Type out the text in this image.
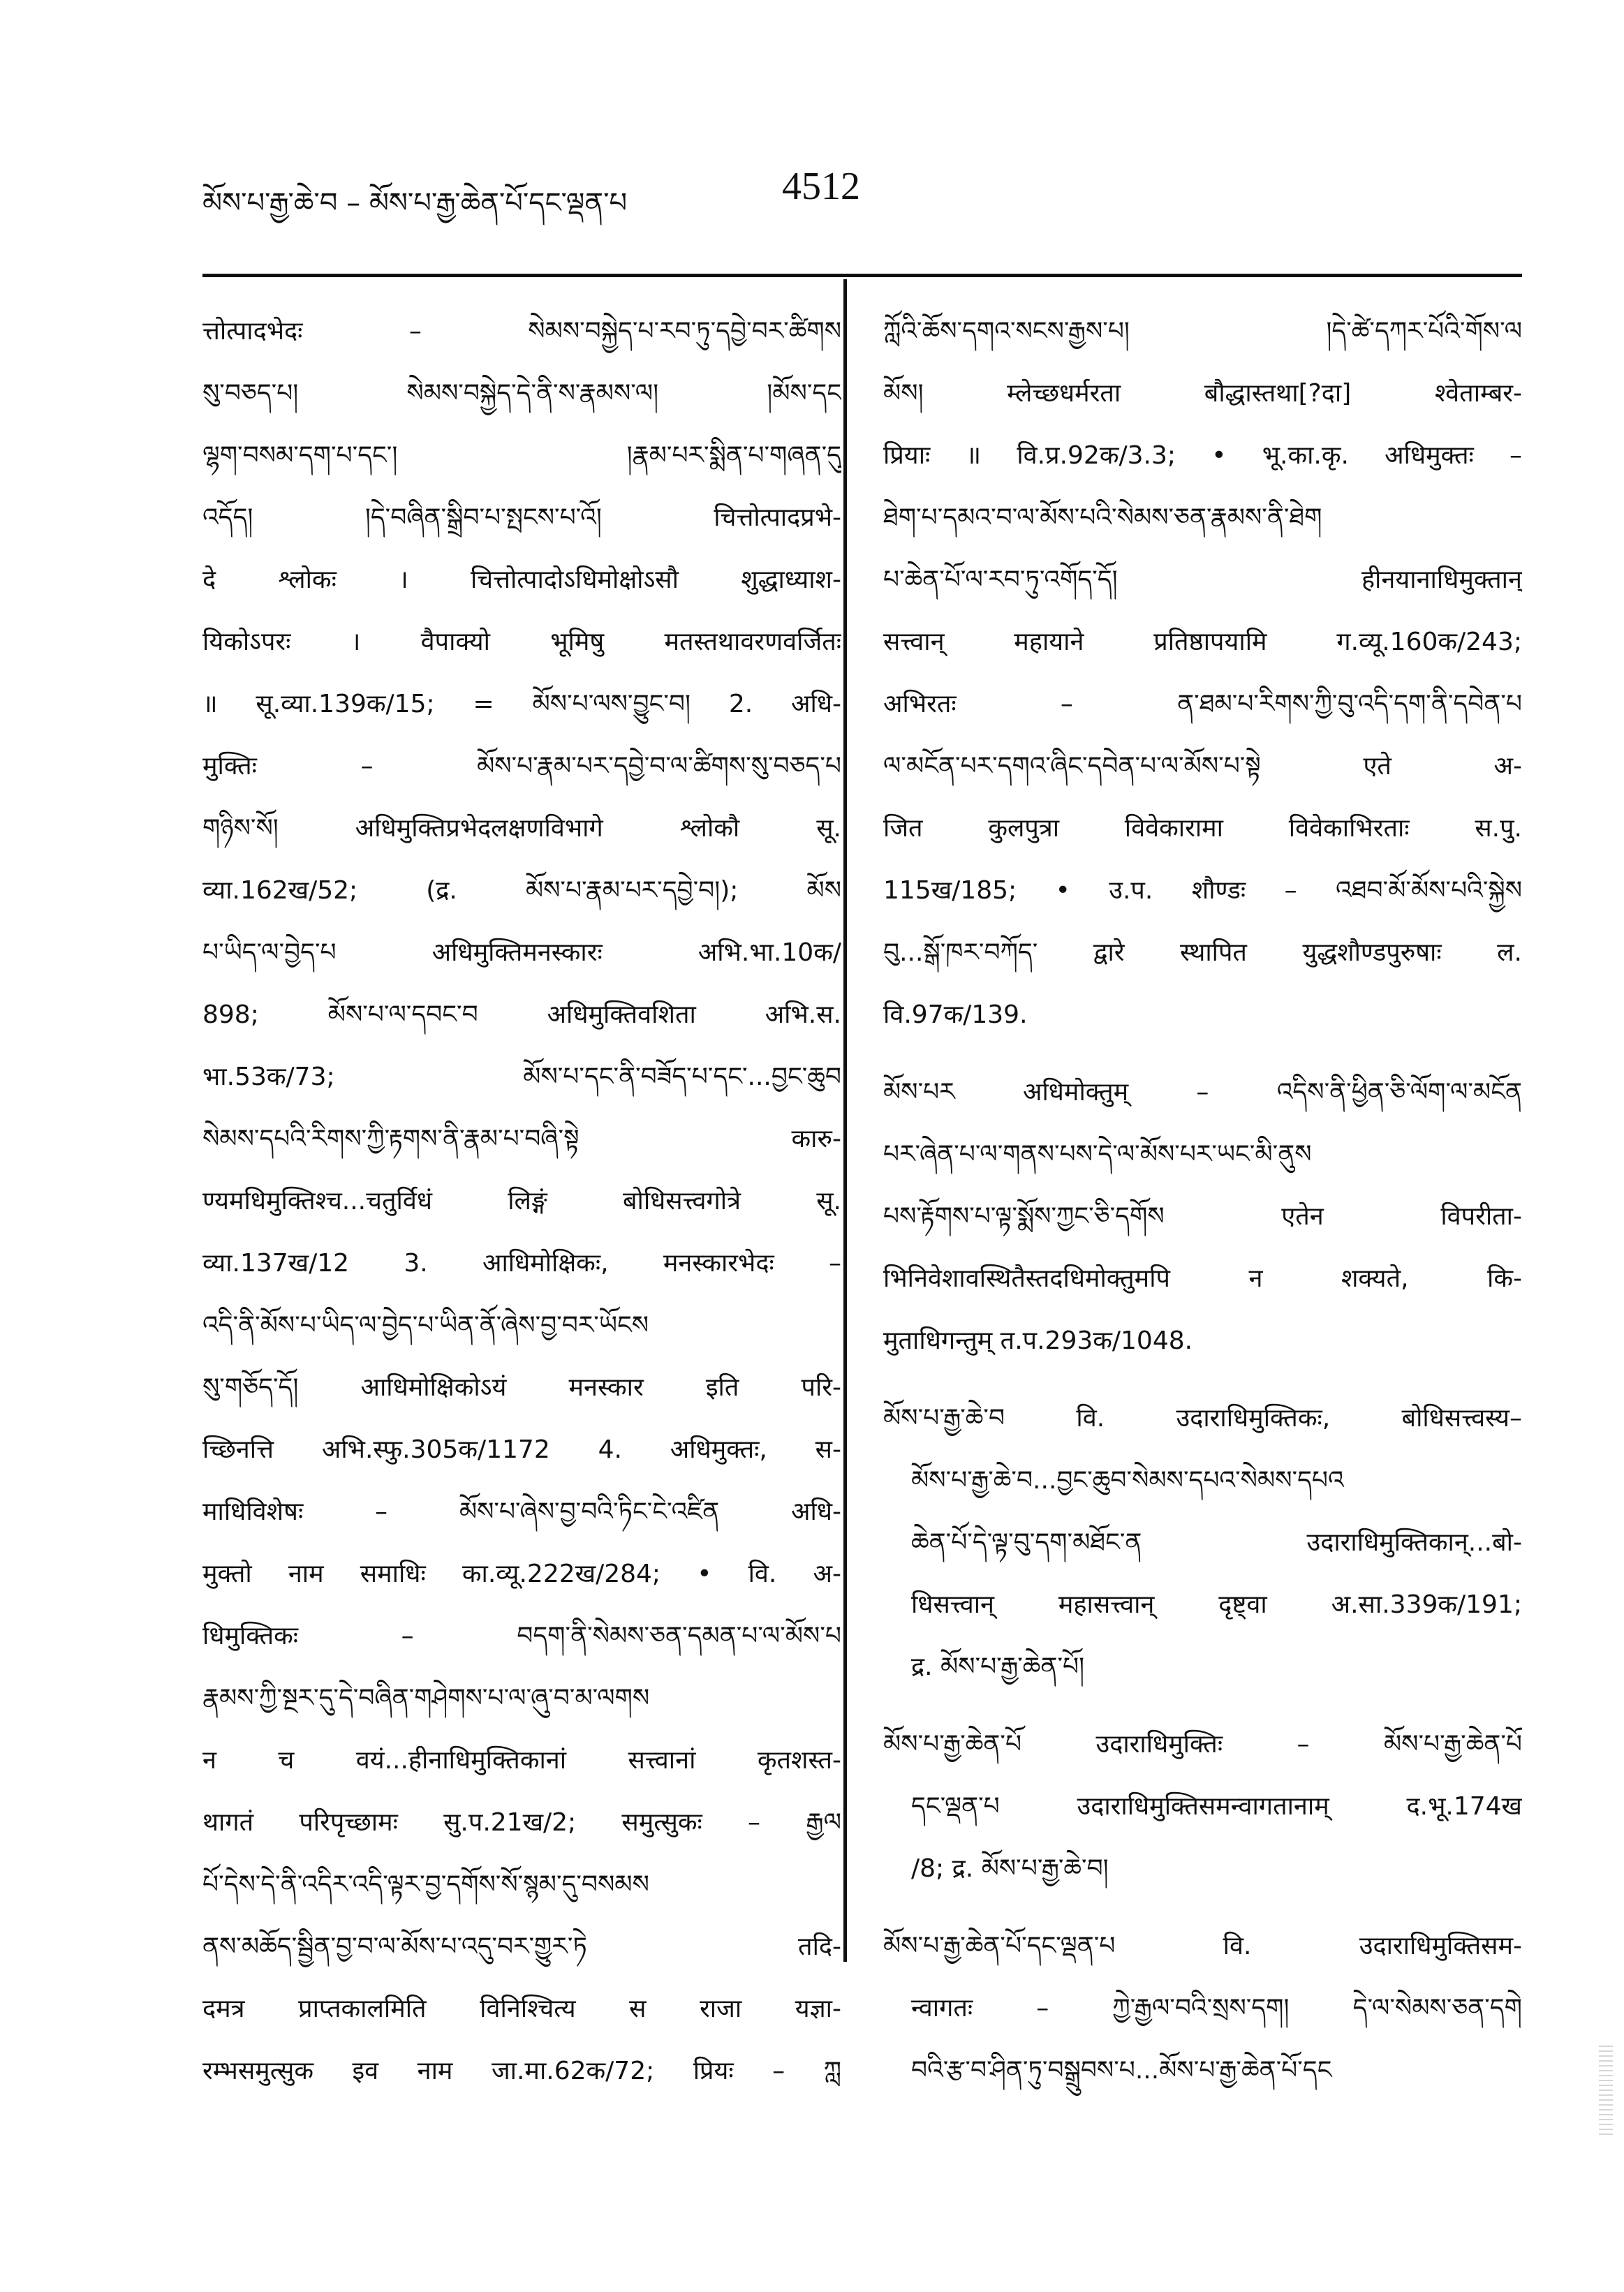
མོས་པ་རྒྱ་ཆེ་བ – མོས་པ་རྒྱ་ཆེན་པོ་དང་ལྡན་པ	4512
त्तोत्पादभेदः – སེམས་བསྐྱེད་པ་རབ་ཏུ་དབྱེ་བར་ཚིགས
སུ་བཅད་པ། སེམས་བསྐྱེད་དེ་ནི་ས་རྣམས་ལ། །མོས་དང
ལྷག་བསམ་དག་པ་དང་། །རྣམ་པར་སྨིན་པ་གཞན་དུ
འདོད། །དེ་བཞིན་སྒྲིབ་པ་སྤངས་པ་འོ། चित्तोत्पादप्रभे-
दे श्लोकः । चित्तोत्पादोऽधिमोक्षोऽसौ शुद्धाध्याश-
यिकोऽपरः । वैपाक्यो भूमिषु मतस्तथावरणवर्जितः
॥ सू.व्या.139क/15; = མོས་པ་ལས་བྱུང་བ། 2. अधि-
मुक्तिः – མོས་པ་རྣམ་པར་དབྱེ་བ་ལ་ཚིགས་སུ་བཅད་པ
གཉིས་སོ། अधिमुक्तिप्रभेदलक्षणविभागे श्लोकौ सू.
व्या.162ख/52; (द्र. མོས་པ་རྣམ་པར་དབྱེ་བ།); མོས
པ་ཡིད་ལ་བྱེད་པ अधिमुक्तिमनस्कारः अभि.भा.10क/
898; མོས་པ་ལ་དབང་བ अधिमुक्तिवशिता अभि.स.
भा.53क/73; མོས་པ་དང་ནི་བཟོད་པ་དང་...བྱང་ཆུབ
སེམས་དཔའི་རིགས་ཀྱི་རྟགས་ནི་རྣམ་པ་བཞི་སྟེ कारु-
ण्यमधिमुक्तिश्च...चतुर्विधं लिङ्गं बोधिसत्त्वगोत्रे सू.
व्या.137ख/12 3. आधिमोक्षिकः, मनस्कारभेदः –
འདི་ནི་མོས་པ་ཡིད་ལ་བྱེད་པ་ཡིན་ནོ་ཞེས་བྱ་བར་ཡོངས
སུ་གཅོད་དོ། आधिमोक्षिकोऽयं मनस्कार इति परि-
च्छिनत्ति अभि.स्फु.305क/1172 4. अधिमुक्तः, स-
माधिविशेषः – མོས་པ་ཞེས་བྱ་བའི་ཏིང་ངེ་འཛིན अधि-
मुक्तो नाम समाधिः का.व्यू.222ख/284; • वि. अ-
धिमुक्तिकः – བདག་ནི་སེམས་ཅན་དམན་པ་ལ་མོས་པ
རྣམས་ཀྱི་སྔར་དུ་དེ་བཞིན་གཤེགས་པ་ལ་ཞུ་བ་མ་ལགས
न च वयं...हीनाधिमुक्तिकानां सत्त्वानां कृतशस्त-
थागतं परिपृच्छामः सु.प.21ख/2; समुत्सुकः – རྒྱལ
པོ་དེས་དེ་ནི་འདིར་འདི་ལྟར་བྱ་དགོས་སོ་སྙམ་དུ་བསམས
ནས་མཆོད་སྦྱིན་བྱ་བ་ལ་མོས་པ་འདུ་བར་གྱུར་ཏེ तदि-
दमत्र प्राप्तकालमिति विनिश्चित्य स राजा यज्ञा-
रम्भसमुत्सुक इव नाम जा.मा.62क/72; प्रियः – ཀླ
ཀློའི་ཆོས་དགའ་སངས་རྒྱས་པ། །དེ་ཚེ་དཀར་པོའི་གོས་ལ
མོས། म्लेच्छधर्मरता बौद्धास्तथा[?दा] श्वेताम्बर-
प्रियाः ॥ वि.प्र.92क/3.3; • भू.का.कृ. अधिमुक्तः –
ཐེག་པ་དམའ་བ་ལ་མོས་པའི་སེམས་ཅན་རྣམས་ནི་ཐེག
པ་ཆེན་པོ་ལ་རབ་ཏུ་འགོད་དོ། हीनयानाधिमुक्तान्
सत्त्वान् महायाने प्रतिष्ठापयामि ग.व्यू.160क/243;
अभिरतः – ན་ཐམ་པ་རིགས་ཀྱི་བུ་འདི་དག་ནི་དབེན་པ
ལ་མངོན་པར་དགའ་ཞིང་དབེན་པ་ལ་མོས་པ་སྟེ एते अ-
जित कुलपुत्रा विवेकारामा विवेकाभिरताः स.पु.
115ख/185; • उ.प. शौण्डः – འཐབ་མོ་མོས་པའི་སྐྱེས
བུ...སྒོ་ཁར་བཀོད་ द्वारे स्थापित युद्धशौण्डपुरुषाः ल.
वि.97क/139.
མོས་པར अधिमोक्तुम् – འདིས་ནི་ཕྱིན་ཅི་ལོག་ལ་མངོན
པར་ཞེན་པ་ལ་གནས་པས་དེ་ལ་མོས་པར་ཡང་མི་ནུས
པས་རྟོགས་པ་ལྟ་སྨོས་ཀྱང་ཅི་དགོས एतेन विपरीता-
भिनिवेशावस्थितैस्तदधिमोक्तुमपि न शक्यते, कि-
मुताधिगन्तुम् त.प.293क/1048.
མོས་པ་རྒྱ་ཆེ་བ वि. उदाराधिमुक्तिकः, बोधिसत्त्वस्य–
མོས་པ་རྒྱ་ཆེ་བ...བྱང་ཆུབ་སེམས་དཔའ་སེམས་དཔའ
ཆེན་པོ་དེ་ལྟ་བུ་དག་མཐོང་ན उदाराधिमुक्तिकान्...बो-
धिसत्त्वान् महासत्त्वान् दृष्ट्वा अ.सा.339क/191;
द्र. མོས་པ་རྒྱ་ཆེན་པོ།
མོས་པ་རྒྱ་ཆེན་པོ उदाराधिमुक्तिः – མོས་པ་རྒྱ་ཆེན་པོ
དང་ལྡན་པ उदाराधिमुक्तिसमन्वागतानाम् द.भू.174ख
/8; द्र. མོས་པ་རྒྱ་ཆེ་བ།
མོས་པ་རྒྱ་ཆེན་པོ་དང་ལྡན་པ वि. उदाराधिमुक्तिसम-
न्वागतः – ཀྱེ་རྒྱལ་བའི་སྲས་དག། དེ་ལ་སེམས་ཅན་དགེ
བའི་རྩ་བ་ཤིན་ཏུ་བསྒྲུབས་པ...མོས་པ་རྒྱ་ཆེན་པོ་དང
